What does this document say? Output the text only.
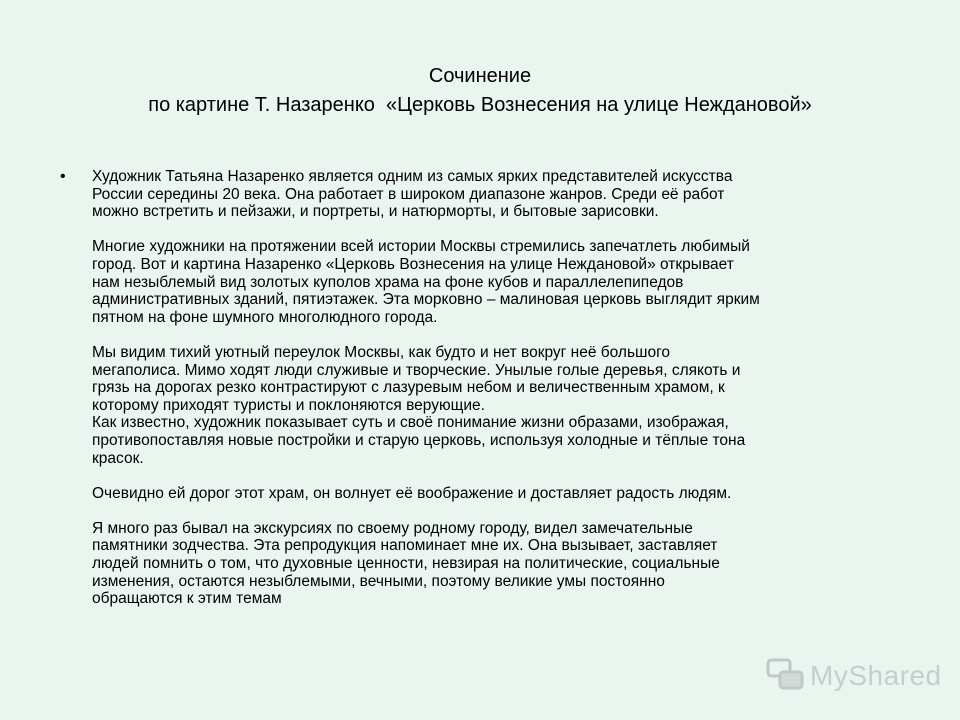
Сочинение
по картине Т. Назаренко  «Церковь Вознесения на улице Неждановой»
•	Художник Татьяна Назаренко является одним из самых ярких представителей искусства
России середины 20 века. Она работает в широком диапазоне жанров. Среди её работ
можно встретить и пейзажи, и портреты, и натюрморты, и бытовые зарисовки.
Многие художники на протяжении всей истории Москвы стремились запечатлеть любимый
город. Вот и картина Назаренко «Церковь Вознесения на улице Неждановой» открывает
нам незыблемый вид золотых куполов храма на фоне кубов и параллелепипедов
административных зданий, пятиэтажек. Эта морковно – малиновая церковь выглядит ярким
пятном на фоне шумного многолюдного города.
Мы видим тихий уютный переулок Москвы, как будто и нет вокруг неё большого
мегаполиса. Мимо ходят люди служивые и творческие. Унылые голые деревья, слякоть и
грязь на дорогах резко контрастируют с лазуревым небом и величественным храмом, к
которому приходят туристы и поклоняются верующие.
Как известно, художник показывает суть и своё понимание жизни образами, изображая,
противопоставляя новые постройки и старую церковь, используя холодные и тёплые тона
красок.
Очевидно ей дорог этот храм, он волнует её воображение и доставляет радость людям.
Я много раз бывал на экскурсиях по своему родному городу, видел замечательные
памятники зодчества. Эта репродукция напоминает мне их. Она вызывает, заставляет
людей помнить о том, что духовные ценности, невзирая на политические, социальные
изменения, остаются незыблемыми, вечными, поэтому великие умы постоянно
обращаются к этим темам
MyShared
